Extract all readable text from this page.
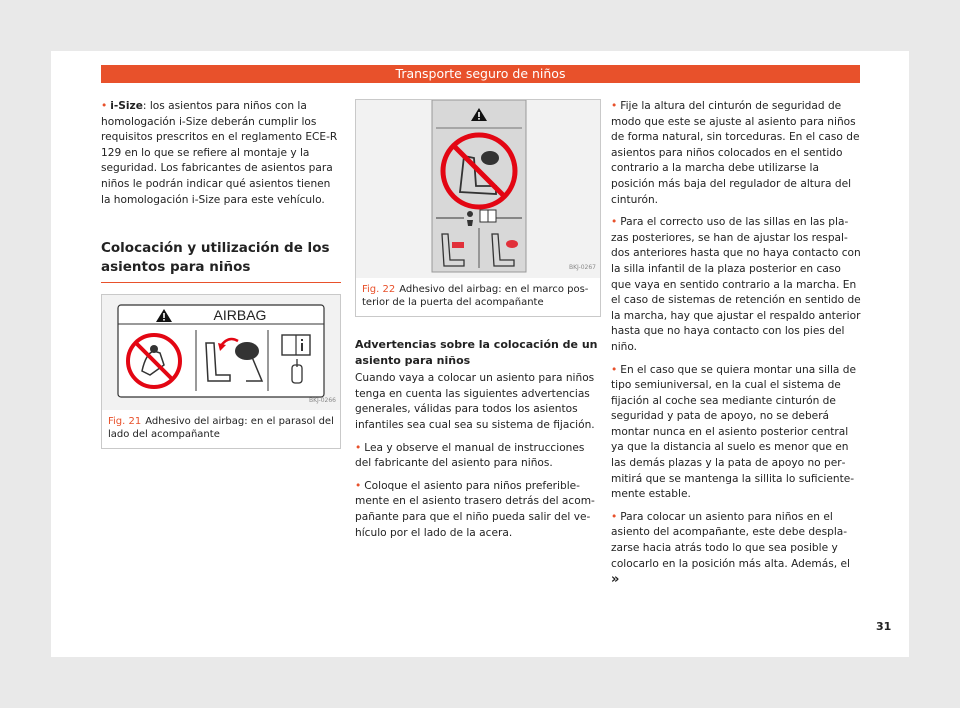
Transporte seguro de niños

• i-Size: los asientos para niños con la homologación i-Size deberán cumplir los requisitos prescritos en el reglamento ECE-R 129 en lo que se refiere al montaje y la seguridad. Los fabricantes de asientos para niños le podrán indicar qué asientos tienen la homologación i-Size para este vehículo.

Colocación y utilización de los asientos para niños
AIRBAG
BKJ-0266
Fig. 21 Adhesivo del airbag: en el parasol del lado del acompañante
BKJ-0267
Fig. 22 Adhesivo del airbag: en el marco posterior de la puerta del acompañante
Advertencias sobre la colocación de un asiento para niños

Cuando vaya a colocar un asiento para niños tenga en cuenta las siguientes advertencias generales, válidas para todos los asientos infantiles sea cual sea su sistema de fijación.

• Lea y observe el manual de instrucciones del fabricante del asiento para niños.

• Coloque el asiento para niños preferiblemente en el asiento trasero detrás del acompañante para que el niño pueda salir del vehículo por el lado de la acera.

• Fije la altura del cinturón de seguridad de modo que este se ajuste al asiento para niños de forma natural, sin torceduras. En el caso de asientos para niños colocados en el sentido contrario a la marcha debe utilizarse la posición más baja del regulador de altura del cinturón.

• Para el correcto uso de las sillas en las plazas posteriores, se han de ajustar los respaldos anteriores hasta que no haya contacto con la silla infantil de la plaza posterior en caso que vaya en sentido contrario a la marcha. En el caso de sistemas de retención en sentido de la marcha, hay que ajustar el respaldo anterior hasta que no haya contacto con los pies del niño.

• En el caso que se quiera montar una silla de tipo semiuniversal, en la cual el sistema de fijación al coche sea mediante cinturón de seguridad y pata de apoyo, no se deberá montar nunca en el asiento posterior central ya que la distancia al suelo es menor que en las demás plazas y la pata de apoyo no permitirá que se mantenga la sillita lo suficientemente estable.

• Para colocar un asiento para niños en el asiento del acompañante, este debe desplazarse hacia atrás todo lo que sea posible y colocarlo en la posición más alta. Además, el »

31
